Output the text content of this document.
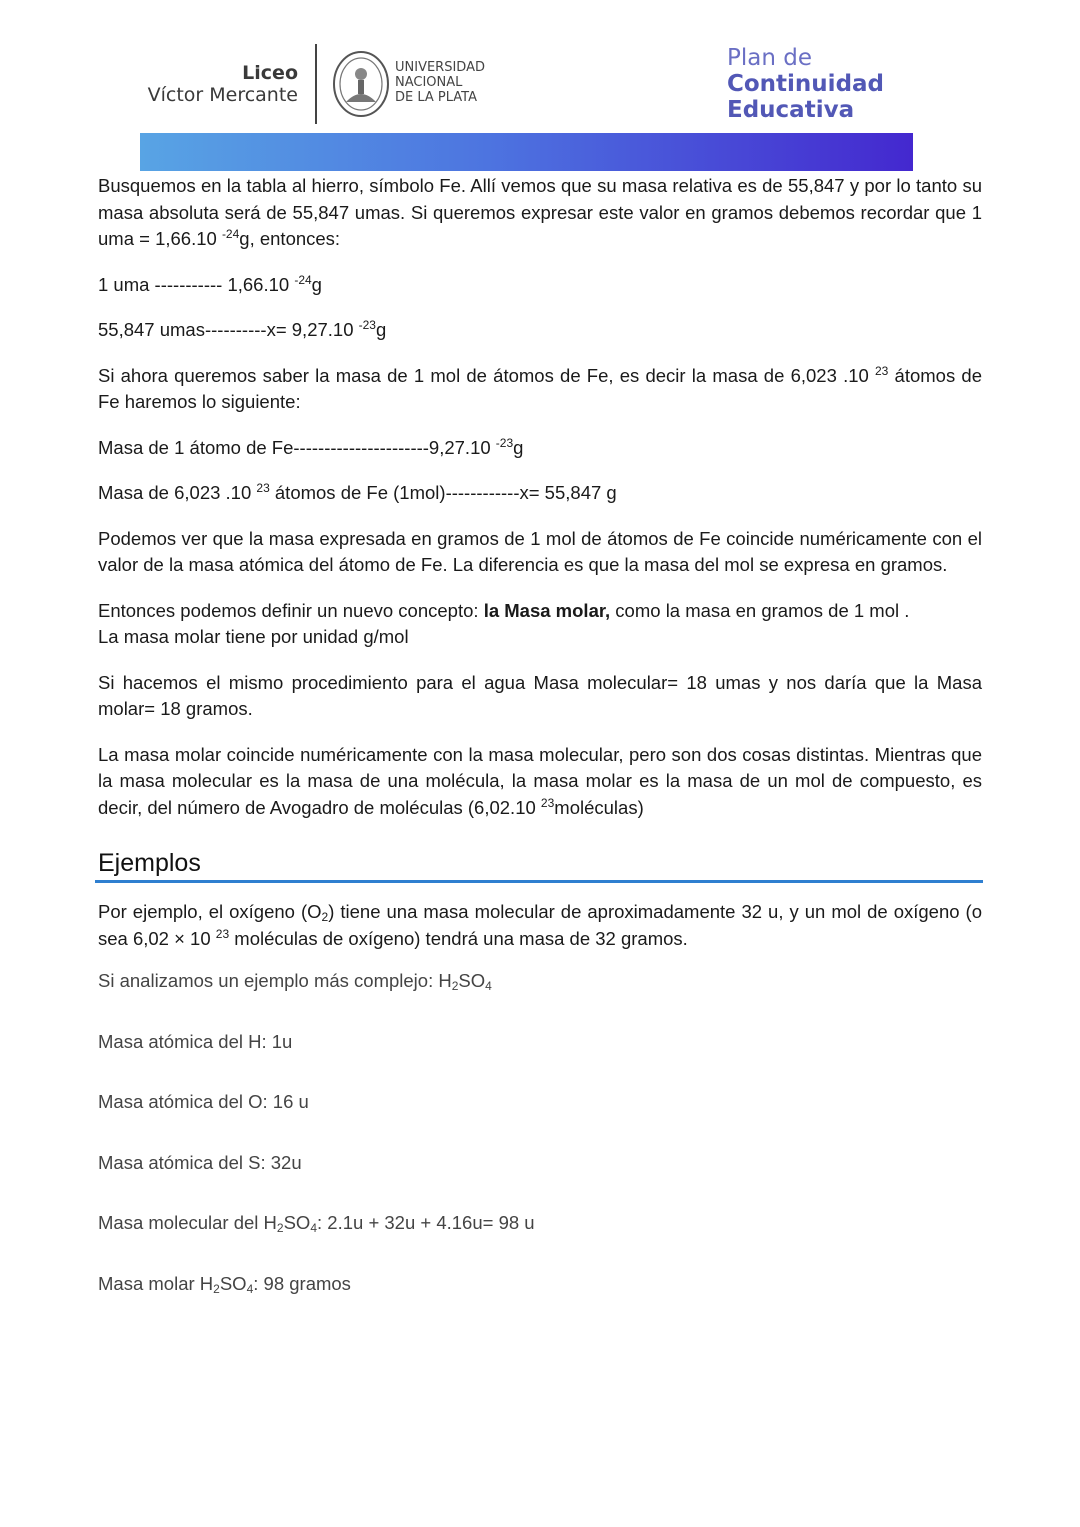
Liceo
Víctor Mercante
UNIVERSIDAD
NACIONAL
DE LA PLATA
Plan de
Continuidad
Educativa

Busquemos en la tabla al hierro, símbolo Fe. Allí vemos que su masa relativa es de 55,847 y por lo tanto su masa absoluta será de 55,847 umas. Si queremos expresar este valor en gramos debemos recordar que 1 uma = 1,66.10 $^{-24}$g, entonces:

1 uma ----------- 1,66.10 $^{-24}$g

55,847 umas----------x= 9,27.10 $^{-23}$g

Si ahora queremos saber la masa de 1 mol de átomos de Fe, es decir la masa de 6,023 .10 $^{23}$ átomos de Fe haremos lo siguiente:

Masa de 1 átomo de Fe----------------------9,27.10 $^{-23}$g

Masa de 6,023 .10 $^{23}$ átomos de Fe (1mol)------------x= 55,847 g

Podemos ver que la masa expresada en gramos de 1 mol de átomos de Fe coincide numéricamente con el valor de la masa atómica del átomo de Fe. La diferencia es que la masa del mol se expresa en gramos.

Entonces podemos definir un nuevo concepto: la Masa molar, como la masa en gramos de 1 mol .
La masa molar tiene por unidad g/mol

Si hacemos el mismo procedimiento para el agua Masa molecular= 18 umas y nos daría que la Masa molar= 18 gramos.

La masa molar coincide numéricamente con la masa molecular, pero son dos cosas distintas. Mientras que la masa molecular es la masa de una molécula, la masa molar es la masa de un mol de compuesto, es decir, del número de Avogadro de moléculas (6,02.10 $^{23}$moléculas)

Ejemplos

Por ejemplo, el oxígeno $(O_2)$ tiene una masa molecular de aproximadamente 32 u, y un mol de oxígeno (o sea 6,02 × 10 $^{23}$ moléculas de oxígeno) tendrá una masa de 32 gramos.

Si analizamos un ejemplo más complejo: $H_2SO_4$

Masa atómica del H: 1u

Masa atómica del O: 16 u

Masa atómica del S: 32u

Masa molecular del $H_2SO_4$: 2.1u + 32u + 4.16u= 98 u

Masa molar $H_2SO_4$: 98 gramos
